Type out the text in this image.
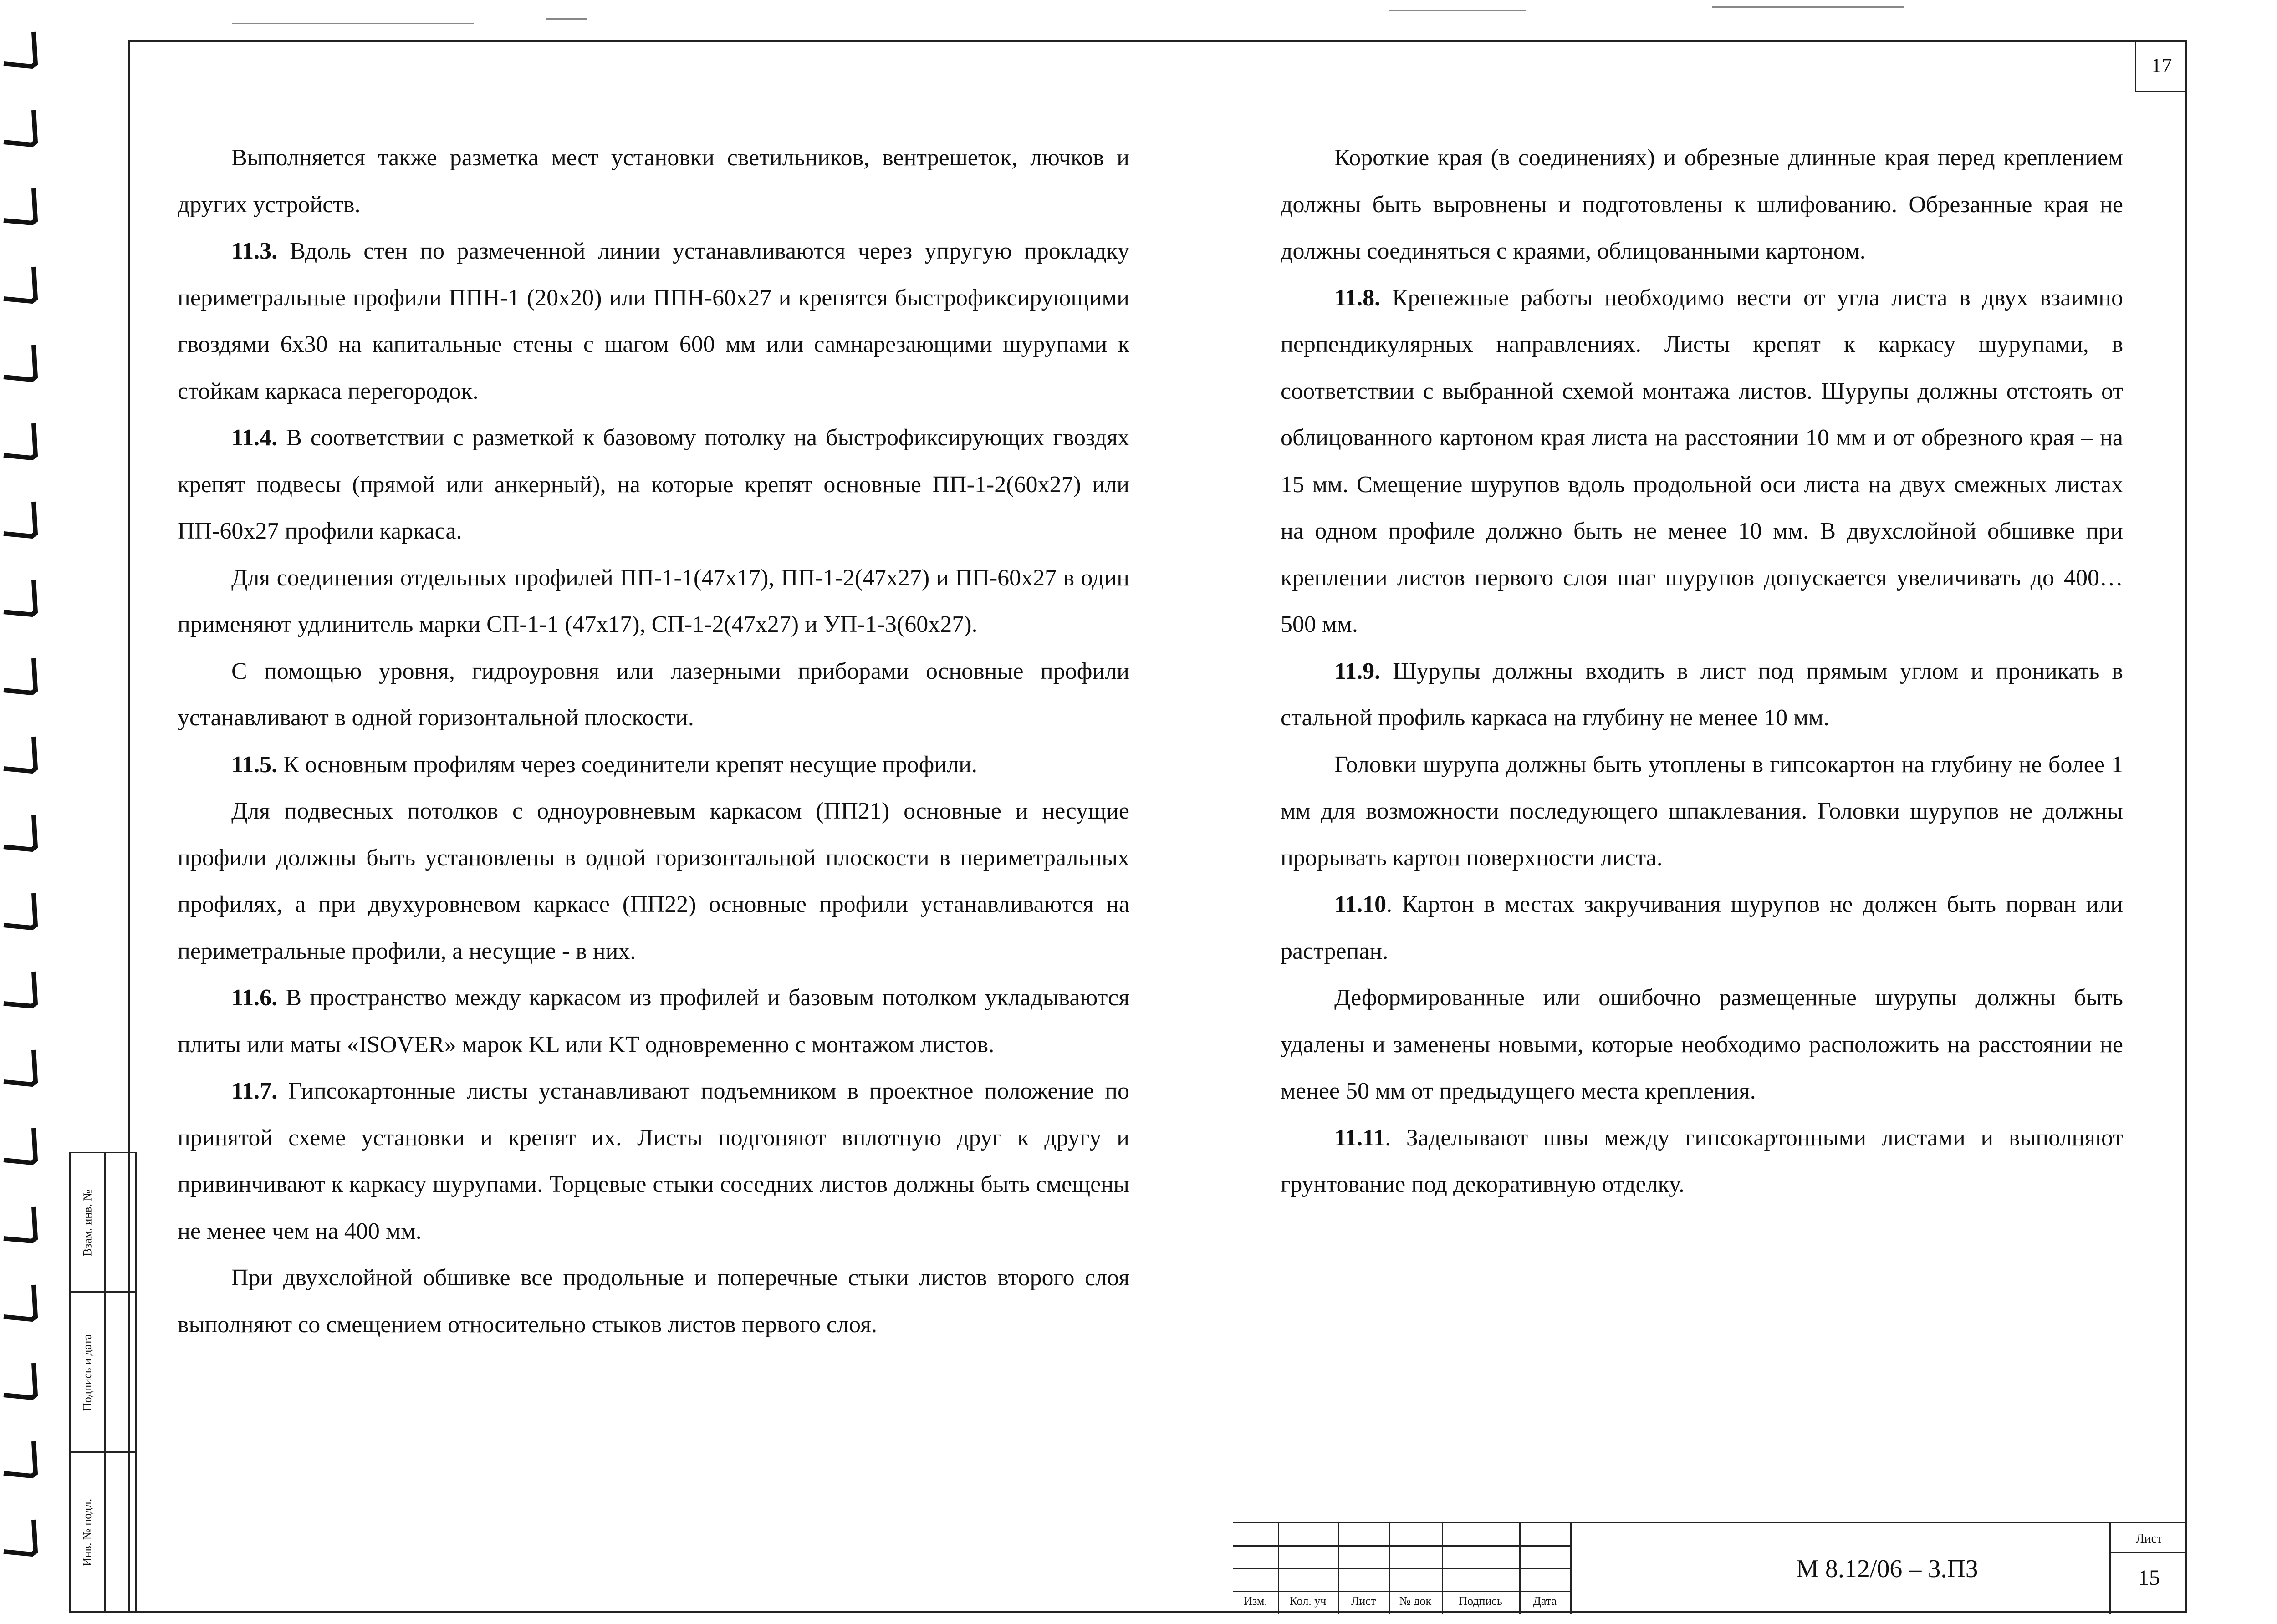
17

Выполняется также разметка мест установки светильников, вентрешеток, лючков и других устройств.

11.3. Вдоль стен по размеченной линии устанавливаются через упругую прокладку периметральные профили ППН-1 (20х20) или ППН-60х27 и крепятся быстрофиксирующими гвоздями 6х30 на капитальные стены с шагом 600 мм или самнарезающими шурупами к стойкам каркаса перегородок.

11.4. В соответствии с разметкой к базовому потолку на быстрофиксирующих гвоздях крепят подвесы (прямой или анкерный), на которые крепят основные ПП-1-2(60х27) или ПП-60х27 профили каркаса.

Для соединения отдельных профилей ПП-1-1(47х17), ПП-1-2(47х27) и ПП-60х27 в один применяют удлинитель марки СП-1-1 (47х17), СП-1-2(47х27) и УП-1-3(60х27).

С помощью уровня, гидроуровня или лазерными приборами основные профили устанавливают в одной горизонтальной плоскости.

11.5. К основным профилям через соединители крепят несущие профили.

Для подвесных потолков с одноуровневым каркасом (ПП21) основные и несущие профили должны быть установлены в одной горизонтальной плоскости в периметральных профилях, а при двухуровневом каркасе (ПП22) основные профили устанавливаются на периметральные профили, а несущие - в них.

11.6. В пространство между каркасом из профилей и базовым потолком укладываются плиты или маты «ISOVER» марок KL или KT одновременно с монтажом листов.

11.7. Гипсокартонные листы устанавливают подъемником в проектное положение по принятой схеме установки и крепят их. Листы подгоняют вплотную друг к другу и привинчивают к каркасу шурупами. Торцевые стыки соседних листов должны быть смещены не менее чем на 400 мм.

При двухслойной обшивке все продольные и поперечные стыки листов второго слоя выполняют со смещением относительно стыков листов первого слоя.

Короткие края (в соединениях) и обрезные длинные края перед креплением должны быть выровнены и подготовлены к шлифованию. Обрезанные края не должны соединяться с краями, облицованными картоном.

11.8. Крепежные работы необходимо вести от угла листа в двух взаимно перпендикулярных направлениях. Листы крепят к каркасу шурупами, в соответствии с выбранной схемой монтажа листов. Шурупы должны отстоять от облицованного картоном края листа на расстоянии 10 мм и от обрезного края – на 15 мм. Смещение шурупов вдоль продольной оси листа на двух смежных листах на одном профиле должно быть не менее 10 мм. В двухслойной обшивке при креплении листов первого слоя шаг шурупов допускается увеличивать до 400…500 мм.

11.9. Шурупы должны входить в лист под прямым углом и проникать в стальной профиль каркаса на глубину не менее 10 мм.

Головки шурупа должны быть утоплены в гипсокартон на глубину не более 1 мм для возможности последующего шпаклевания. Головки шурупов не должны прорывать картон поверхности листа.

11.10. Картон в местах закручивания шурупов не должен быть порван или растрепан.

Деформированные или ошибочно размещенные шурупы должны быть удалены и заменены новыми, которые необходимо расположить на расстоянии не менее 50 мм от предыдущего места крепления.

11.11. Заделывают швы между гипсокартонными листами и выполняют грунтование под декоративную отделку.

Взам. инв. №
Подпись и дата
Инв. № подл.
Изм.	Кол. уч	Лист	№ док	Подпись	Дата
М 8.12/06 – 3.ПЗ
Лист
15
